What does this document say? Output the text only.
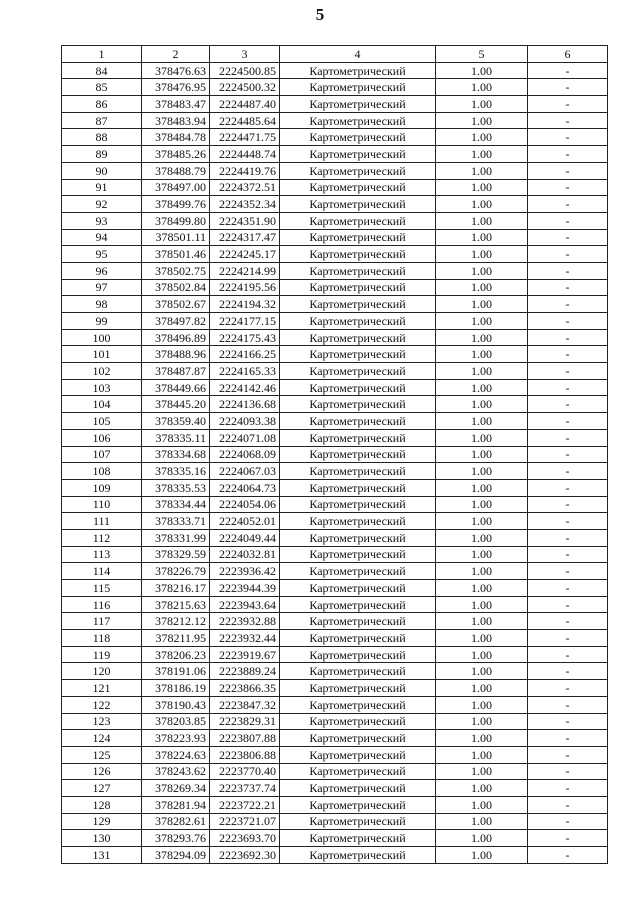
5
1	2	3	4	5	6
84	378476.63	2224500.85	Картометрический	1.00	-
85	378476.95	2224500.32	Картометрический	1.00	-
86	378483.47	2224487.40	Картометрический	1.00	-
87	378483.94	2224485.64	Картометрический	1.00	-
88	378484.78	2224471.75	Картометрический	1.00	-
89	378485.26	2224448.74	Картометрический	1.00	-
90	378488.79	2224419.76	Картометрический	1.00	-
91	378497.00	2224372.51	Картометрический	1.00	-
92	378499.76	2224352.34	Картометрический	1.00	-
93	378499.80	2224351.90	Картометрический	1.00	-
94	378501.11	2224317.47	Картометрический	1.00	-
95	378501.46	2224245.17	Картометрический	1.00	-
96	378502.75	2224214.99	Картометрический	1.00	-
97	378502.84	2224195.56	Картометрический	1.00	-
98	378502.67	2224194.32	Картометрический	1.00	-
99	378497.82	2224177.15	Картометрический	1.00	-
100	378496.89	2224175.43	Картометрический	1.00	-
101	378488.96	2224166.25	Картометрический	1.00	-
102	378487.87	2224165.33	Картометрический	1.00	-
103	378449.66	2224142.46	Картометрический	1.00	-
104	378445.20	2224136.68	Картометрический	1.00	-
105	378359.40	2224093.38	Картометрический	1.00	-
106	378335.11	2224071.08	Картометрический	1.00	-
107	378334.68	2224068.09	Картометрический	1.00	-
108	378335.16	2224067.03	Картометрический	1.00	-
109	378335.53	2224064.73	Картометрический	1.00	-
110	378334.44	2224054.06	Картометрический	1.00	-
111	378333.71	2224052.01	Картометрический	1.00	-
112	378331.99	2224049.44	Картометрический	1.00	-
113	378329.59	2224032.81	Картометрический	1.00	-
114	378226.79	2223936.42	Картометрический	1.00	-
115	378216.17	2223944.39	Картометрический	1.00	-
116	378215.63	2223943.64	Картометрический	1.00	-
117	378212.12	2223932.88	Картометрический	1.00	-
118	378211.95	2223932.44	Картометрический	1.00	-
119	378206.23	2223919.67	Картометрический	1.00	-
120	378191.06	2223889.24	Картометрический	1.00	-
121	378186.19	2223866.35	Картометрический	1.00	-
122	378190.43	2223847.32	Картометрический	1.00	-
123	378203.85	2223829.31	Картометрический	1.00	-
124	378223.93	2223807.88	Картометрический	1.00	-
125	378224.63	2223806.88	Картометрический	1.00	-
126	378243.62	2223770.40	Картометрический	1.00	-
127	378269.34	2223737.74	Картометрический	1.00	-
128	378281.94	2223722.21	Картометрический	1.00	-
129	378282.61	2223721.07	Картометрический	1.00	-
130	378293.76	2223693.70	Картометрический	1.00	-
131	378294.09	2223692.30	Картометрический	1.00	-
